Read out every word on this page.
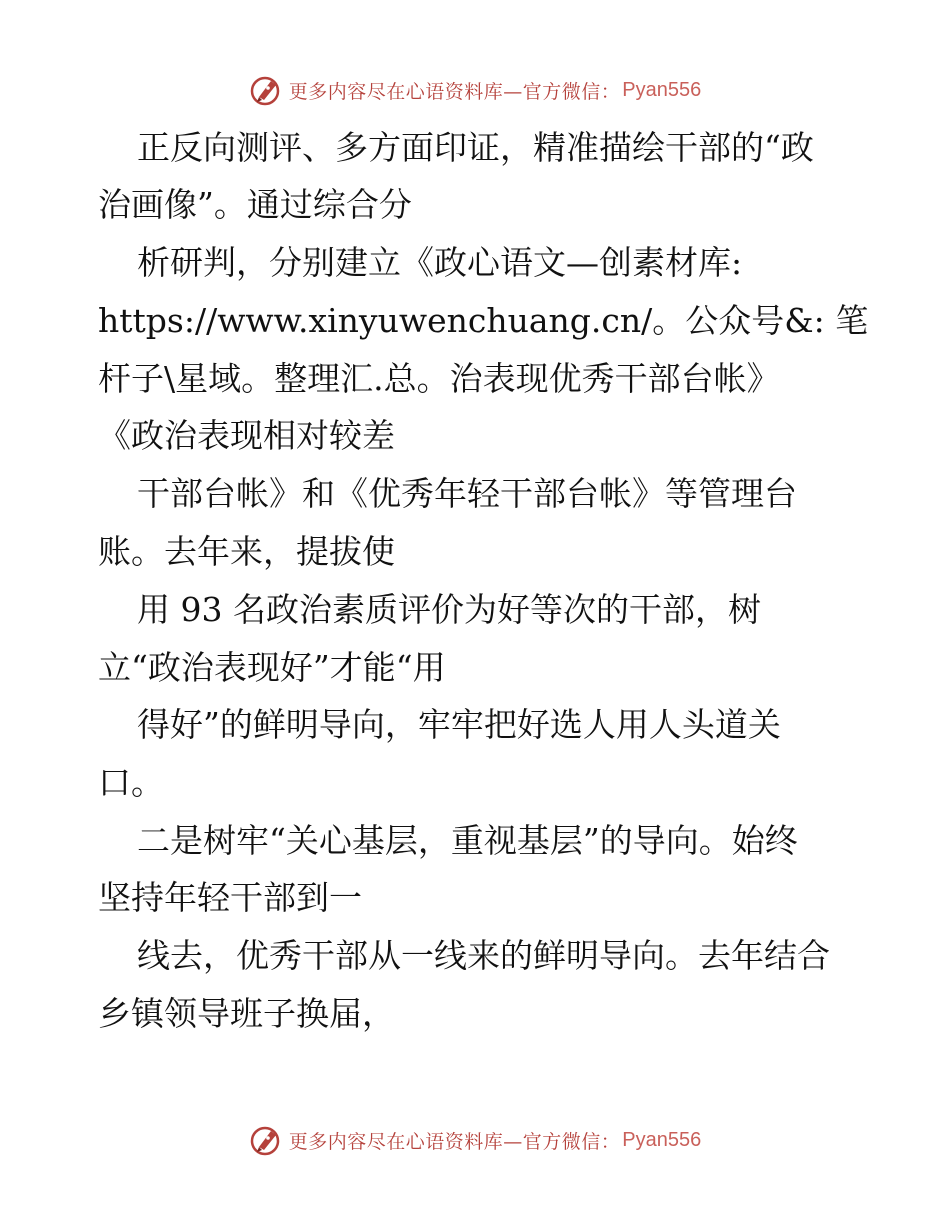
更多内容尽在心语资料库—官方微信： Pyan556
正反向测评、多方面印证，精准描绘干部的“政
治画像”。通过综合分
析研判，分别建立《政心语文—创素材库:
https://www.xinyuwenchuang.cn/。公众号&: 笔
杆子\星域。整理汇.总。治表现优秀干部台帐》
《政治表现相对较差
干部台帐》和《优秀年轻干部台帐》等管理台
账。去年来，提拔使
用 93 名政治素质评价为好等次的干部，树
立“政治表现好”才能“用
得好”的鲜明导向，牢牢把好选人用人头道关
口。
二是树牢“关心基层，重视基层”的导向。始终
坚持年轻干部到一
线去，优秀干部从一线来的鲜明导向。去年结合
乡镇领导班子换届，
更多内容尽在心语资料库—官方微信： Pyan556
